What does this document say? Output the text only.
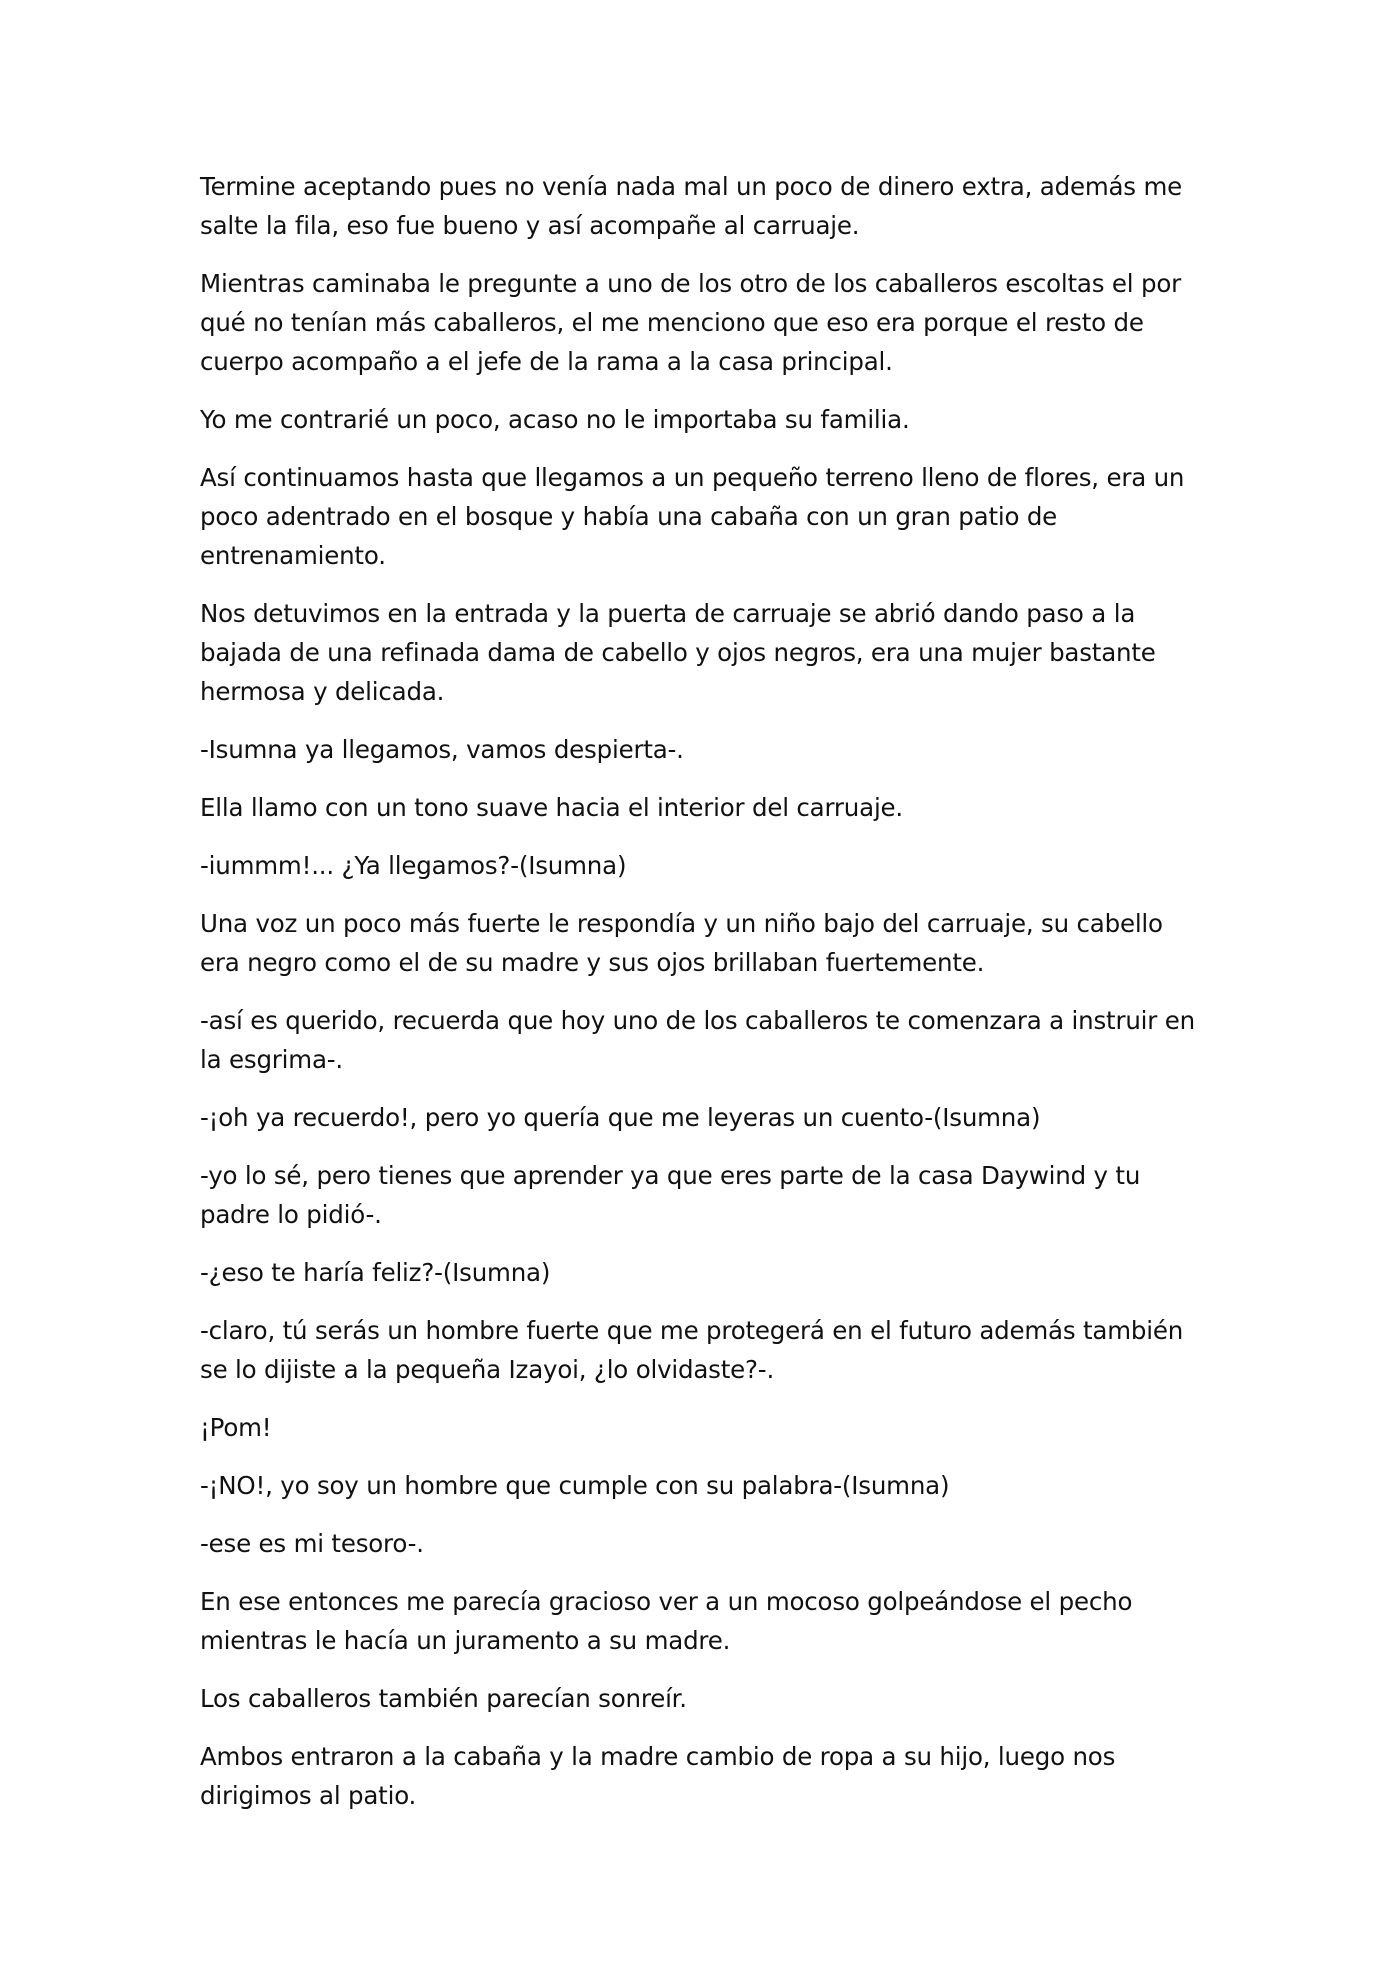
Termine aceptando pues no venía nada mal un poco de dinero extra, además me salte la fila, eso fue bueno y así acompañe al carruaje.

Mientras caminaba le pregunte a uno de los otro de los caballeros escoltas el por qué no tenían más caballeros, el me menciono que eso era porque el resto de cuerpo acompaño a el jefe de la rama a la casa principal.

Yo me contrarié un poco, acaso no le importaba su familia.

Así continuamos hasta que llegamos a un pequeño terreno lleno de flores, era un poco adentrado en el bosque y había una cabaña con un gran patio de entrenamiento.

Nos detuvimos en la entrada y la puerta de carruaje se abrió dando paso a la bajada de una refinada dama de cabello y ojos negros, era una mujer bastante hermosa y delicada.

-Isumna ya llegamos, vamos despierta-.

Ella llamo con un tono suave hacia el interior del carruaje.

-iummm!... ¿Ya llegamos?-(Isumna)

Una voz un poco más fuerte le respondía y un niño bajo del carruaje, su cabello era negro como el de su madre y sus ojos brillaban fuertemente.

-así es querido, recuerda que hoy uno de los caballeros te comenzara a instruir en la esgrima-.

-¡oh ya recuerdo!, pero yo quería que me leyeras un cuento-(Isumna)

-yo lo sé, pero tienes que aprender ya que eres parte de la casa Daywind y tu padre lo pidió-.

-¿eso te haría feliz?-(Isumna)

-claro, tú serás un hombre fuerte que me protegerá en el futuro además también se lo dijiste a la pequeña Izayoi, ¿lo olvidaste?-.

¡Pom!

-¡NO!, yo soy un hombre que cumple con su palabra-(Isumna)

-ese es mi tesoro-.

En ese entonces me parecía gracioso ver a un mocoso golpeándose el pecho mientras le hacía un juramento a su madre.

Los caballeros también parecían sonreír.

Ambos entraron a la cabaña y la madre cambio de ropa a su hijo, luego nos dirigimos al patio.
